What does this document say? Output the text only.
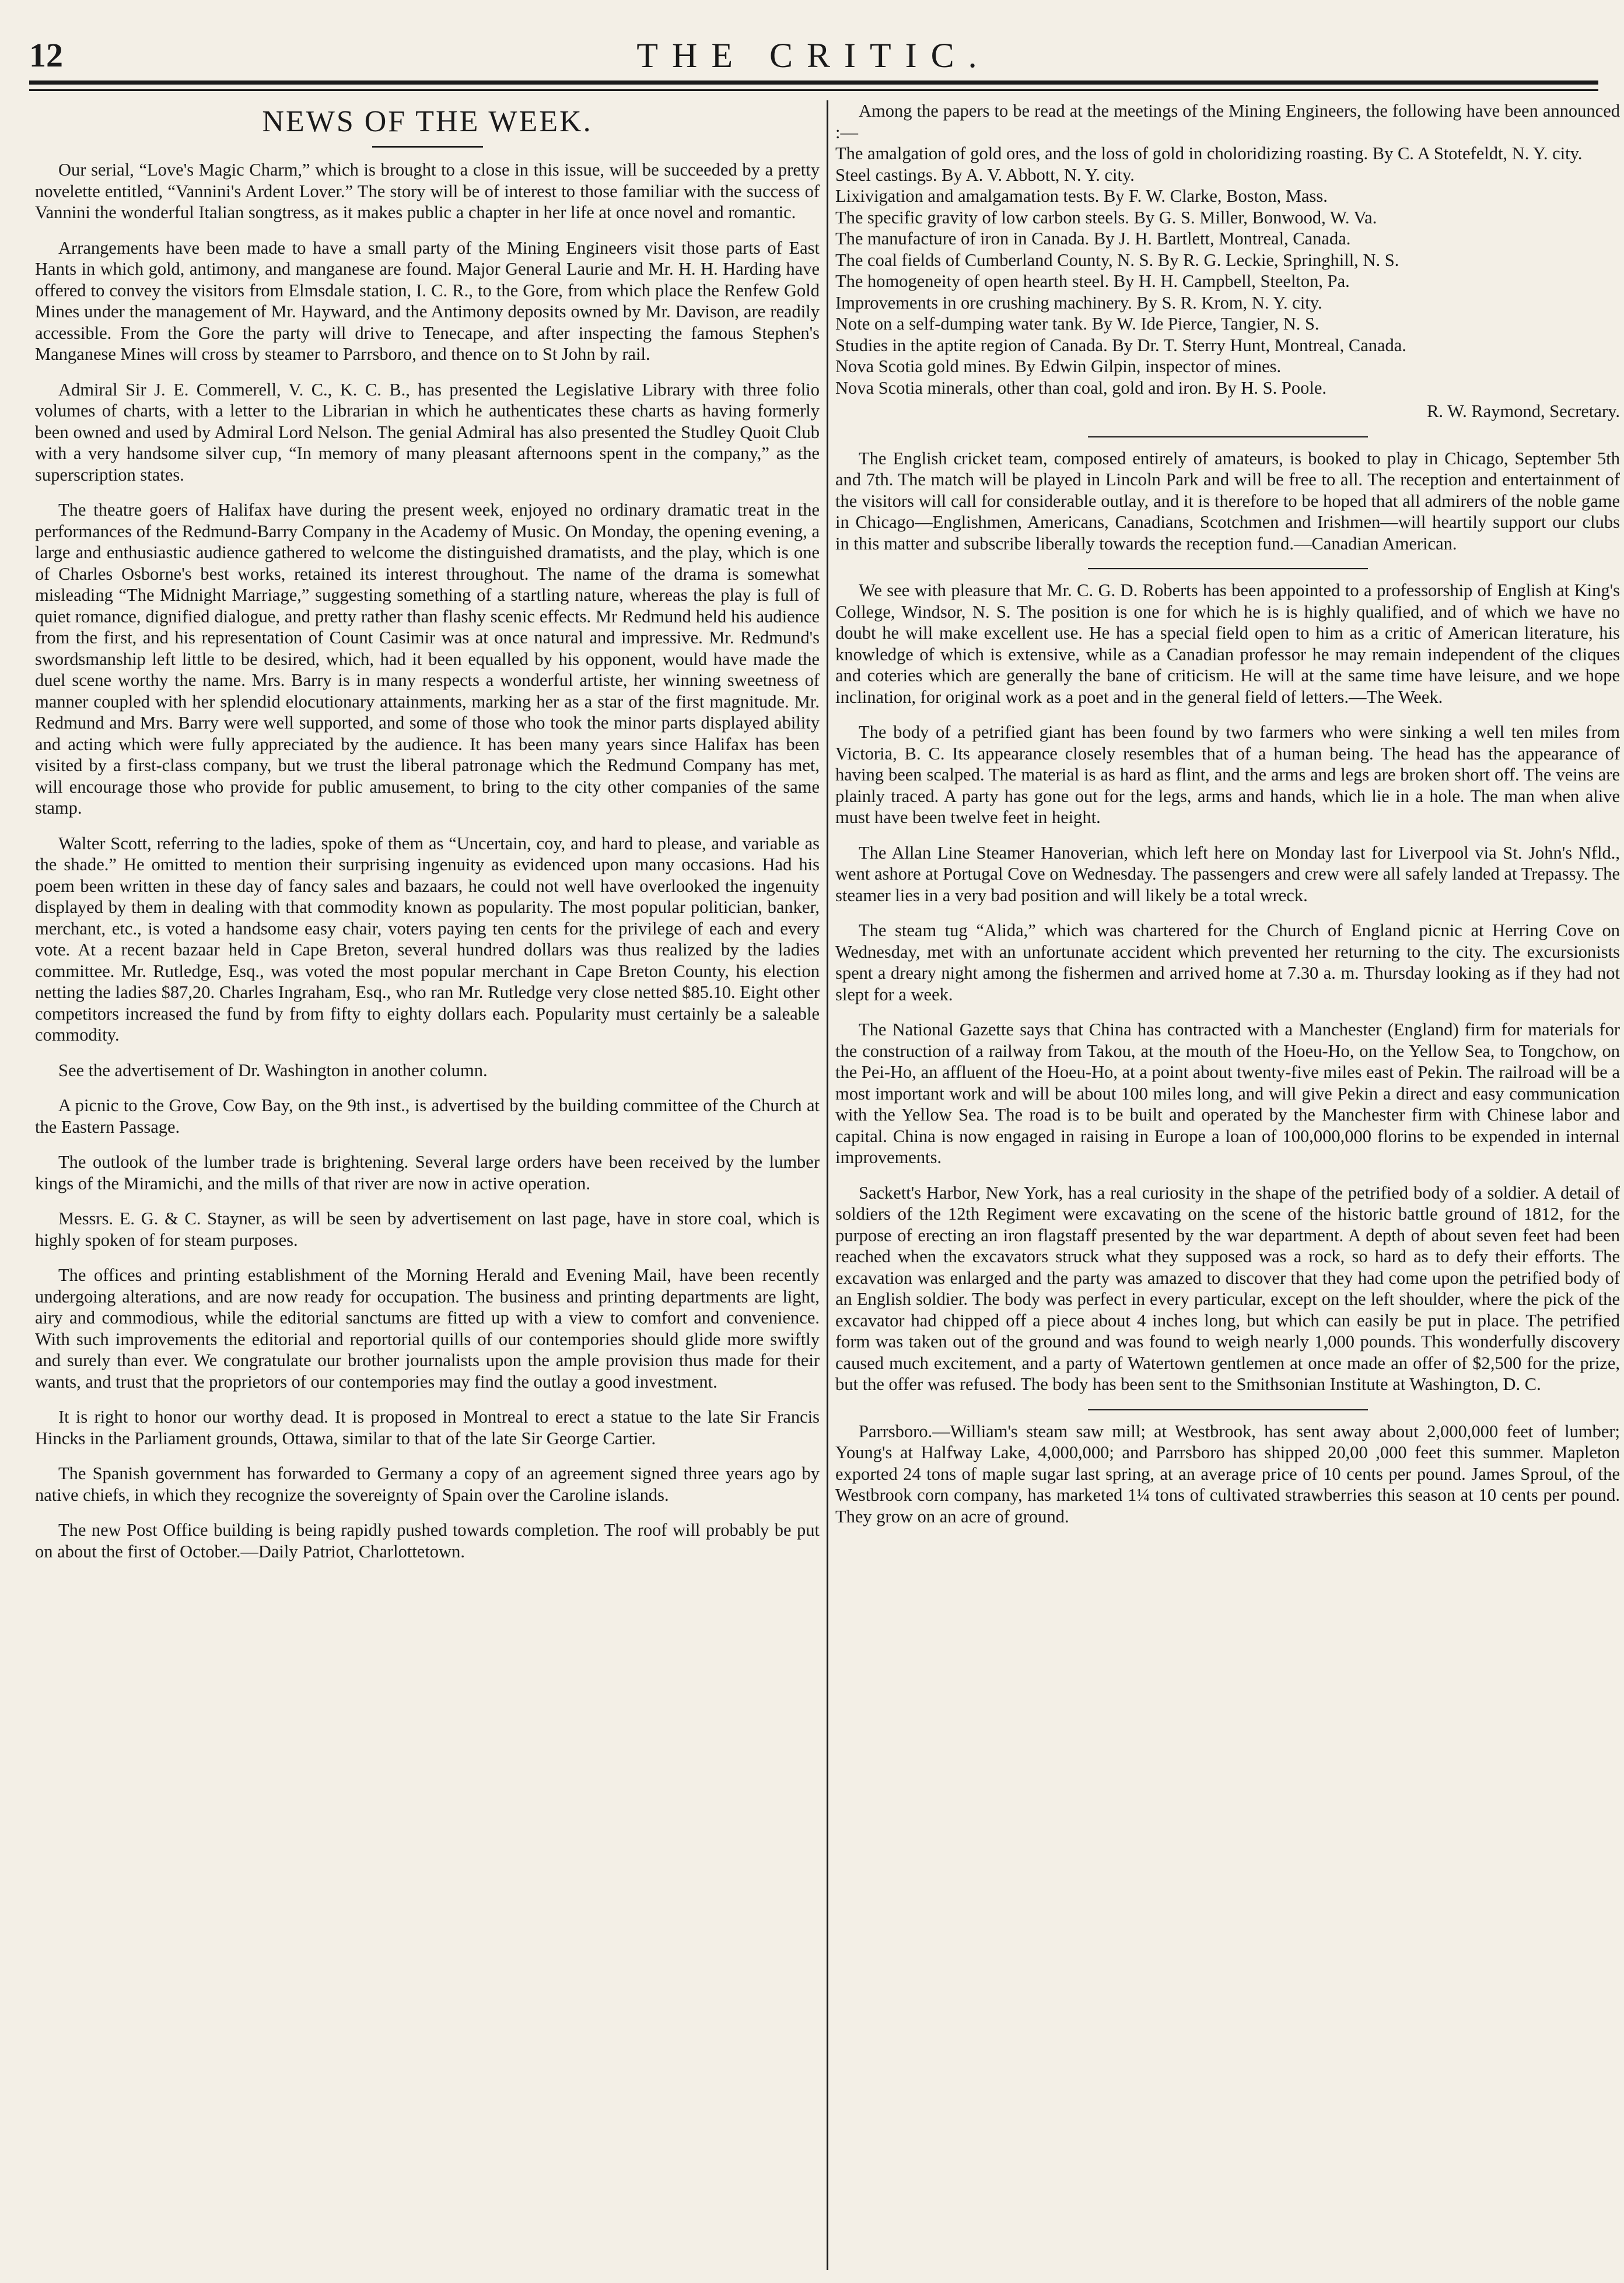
12	THE CRITIC.
NEWS OF THE WEEK.

Our serial, “Love's Magic Charm,” which is brought to a close in this issue, will be succeeded by a pretty novelette entitled, “Vannini's Ardent Lover.” The story will be of interest to those familiar with the success of Vannini the wonderful Italian songtress, as it makes public a chapter in her life at once novel and romantic.

Arrangements have been made to have a small party of the Mining Engineers visit those parts of East Hants in which gold, antimony, and manganese are found. Major General Laurie and Mr. H. H. Harding have offered to convey the visitors from Elmsdale station, I. C. R., to the Gore, from which place the Renfew Gold Mines under the management of Mr. Hayward, and the Antimony deposits owned by Mr. Davison, are readily accessible. From the Gore the party will drive to Tenecape, and after inspecting the famous Stephen's Manganese Mines will cross by steamer to Parrsboro, and thence on to St John by rail.

Admiral Sir J. E. Commerell, V. C., K. C. B., has presented the Legislative Library with three folio volumes of charts, with a letter to the Librarian in which he authenticates these charts as having formerly been owned and used by Admiral Lord Nelson. The genial Admiral has also presented the Studley Quoit Club with a very handsome silver cup, “In memory of many pleasant afternoons spent in the company,” as the superscription states.

The theatre goers of Halifax have during the present week, enjoyed no ordinary dramatic treat in the performances of the Redmund-Barry Company in the Academy of Music. On Monday, the opening evening, a large and enthusiastic audience gathered to welcome the distinguished dramatists, and the play, which is one of Charles Osborne's best works, retained its interest throughout. The name of the drama is somewhat misleading “The Midnight Marriage,” suggesting something of a startling nature, whereas the play is full of quiet romance, dignified dialogue, and pretty rather than flashy scenic effects. Mr Redmund held his audience from the first, and his representation of Count Casimir was at once natural and impressive. Mr. Redmund's swordsmanship left little to be desired, which, had it been equalled by his opponent, would have made the duel scene worthy the name. Mrs. Barry is in many respects a wonderful artiste, her winning sweetness of manner coupled with her splendid elocutionary attainments, marking her as a star of the first magnitude. Mr. Redmund and Mrs. Barry were well supported, and some of those who took the minor parts displayed ability and acting which were fully appreciated by the audience. It has been many years since Halifax has been visited by a first-class company, but we trust the liberal patronage which the Redmund Company has met, will encourage those who provide for public amusement, to bring to the city other companies of the same stamp.

Walter Scott, referring to the ladies, spoke of them as “Uncertain, coy, and hard to please, and variable as the shade.” He omitted to mention their surprising ingenuity as evidenced upon many occasions. Had his poem been written in these day of fancy sales and bazaars, he could not well have overlooked the ingenuity displayed by them in dealing with that commodity known as popularity. The most popular politician, banker, merchant, etc., is voted a handsome easy chair, voters paying ten cents for the privilege of each and every vote. At a recent bazaar held in Cape Breton, several hundred dollars was thus realized by the ladies committee. Mr. Rutledge, Esq., was voted the most popular merchant in Cape Breton County, his election netting the ladies $87,20. Charles Ingraham, Esq., who ran Mr. Rutledge very close netted $85.10. Eight other competitors increased the fund by from fifty to eighty dollars each. Popularity must certainly be a saleable commodity.

See the advertisement of Dr. Washington in another column.

A picnic to the Grove, Cow Bay, on the 9th inst., is advertised by the building committee of the Church at the Eastern Passage.

The outlook of the lumber trade is brightening. Several large orders have been received by the lumber kings of the Miramichi, and the mills of that river are now in active operation.

Messrs. E. G. & C. Stayner, as will be seen by advertisement on last page, have in store coal, which is highly spoken of for steam purposes.

The offices and printing establishment of the Morning Herald and Evening Mail, have been recently undergoing alterations, and are now ready for occupation. The business and printing departments are light, airy and commodious, while the editorial sanctums are fitted up with a view to comfort and convenience. With such improvements the editorial and reportorial quills of our contempories should glide more swiftly and surely than ever. We congratulate our brother journalists upon the ample provision thus made for their wants, and trust that the proprietors of our contempories may find the outlay a good investment.

It is right to honor our worthy dead. It is proposed in Montreal to erect a statue to the late Sir Francis Hincks in the Parliament grounds, Ottawa, similar to that of the late Sir George Cartier.

The Spanish government has forwarded to Germany a copy of an agreement signed three years ago by native chiefs, in which they recognize the sovereignty of Spain over the Caroline islands.

The new Post Office building is being rapidly pushed towards completion. The roof will probably be put on about the first of October.—Daily Patriot, Charlottetown.

Among the papers to be read at the meetings of the Mining Engineers, the following have been announced :—

The amalgation of gold ores, and the loss of gold in choloridizing roasting. By C. A Stotefeldt, N. Y. city.

Steel castings. By A. V. Abbott, N. Y. city.

Lixivigation and amalgamation tests. By F. W. Clarke, Boston, Mass.

The specific gravity of low carbon steels. By G. S. Miller, Bonwood, W. Va.

The manufacture of iron in Canada. By J. H. Bartlett, Montreal, Canada.

The coal fields of Cumberland County, N. S. By R. G. Leckie, Springhill, N. S.

The homogeneity of open hearth steel. By H. H. Campbell, Steelton, Pa.

Improvements in ore crushing machinery. By S. R. Krom, N. Y. city.

Note on a self-dumping water tank. By W. Ide Pierce, Tangier, N. S.

Studies in the aptite region of Canada. By Dr. T. Sterry Hunt, Montreal, Canada.

Nova Scotia gold mines. By Edwin Gilpin, inspector of mines.

Nova Scotia minerals, other than coal, gold and iron. By H. S. Poole.

R. W. Raymond, Secretary.

The English cricket team, composed entirely of amateurs, is booked to play in Chicago, September 5th and 7th. The match will be played in Lincoln Park and will be free to all. The reception and entertainment of the visitors will call for considerable outlay, and it is therefore to be hoped that all admirers of the noble game in Chicago—Englishmen, Americans, Canadians, Scotchmen and Irishmen—will heartily support our clubs in this matter and subscribe liberally towards the reception fund.—Canadian American.

We see with pleasure that Mr. C. G. D. Roberts has been appointed to a professorship of English at King's College, Windsor, N. S. The position is one for which he is is highly qualified, and of which we have no doubt he will make excellent use. He has a special field open to him as a critic of American literature, his knowledge of which is extensive, while as a Canadian professor he may remain independent of the cliques and coteries which are generally the bane of criticism. He will at the same time have leisure, and we hope inclination, for original work as a poet and in the general field of letters.—The Week.

The body of a petrified giant has been found by two farmers who were sinking a well ten miles from Victoria, B. C. Its appearance closely resembles that of a human being. The head has the appearance of having been scalped. The material is as hard as flint, and the arms and legs are broken short off. The veins are plainly traced. A party has gone out for the legs, arms and hands, which lie in a hole. The man when alive must have been twelve feet in height.

The Allan Line Steamer Hanoverian, which left here on Monday last for Liverpool via St. John's Nfld., went ashore at Portugal Cove on Wednesday. The passengers and crew were all safely landed at Trepassy. The steamer lies in a very bad position and will likely be a total wreck.

The steam tug “Alida,” which was chartered for the Church of England picnic at Herring Cove on Wednesday, met with an unfortunate accident which prevented her returning to the city. The excursionists spent a dreary night among the fishermen and arrived home at 7.30 a. m. Thursday looking as if they had not slept for a week.

The National Gazette says that China has contracted with a Manchester (England) firm for materials for the construction of a railway from Takou, at the mouth of the Hoeu-Ho, on the Yellow Sea, to Tongchow, on the Pei-Ho, an affluent of the Hoeu-Ho, at a point about twenty-five miles east of Pekin. The railroad will be a most important work and will be about 100 miles long, and will give Pekin a direct and easy communication with the Yellow Sea. The road is to be built and operated by the Manchester firm with Chinese labor and capital. China is now engaged in raising in Europe a loan of 100,000,000 florins to be expended in internal improvements.

Sackett's Harbor, New York, has a real curiosity in the shape of the petrified body of a soldier. A detail of soldiers of the 12th Regiment were excavating on the scene of the historic battle ground of 1812, for the purpose of erecting an iron flagstaff presented by the war department. A depth of about seven feet had been reached when the excavators struck what they supposed was a rock, so hard as to defy their efforts. The excavation was enlarged and the party was amazed to discover that they had come upon the petrified body of an English soldier. The body was perfect in every particular, except on the left shoulder, where the pick of the excavator had chipped off a piece about 4 inches long, but which can easily be put in place. The petrified form was taken out of the ground and was found to weigh nearly 1,000 pounds. This wonderfully discovery caused much excitement, and a party of Watertown gentlemen at once made an offer of $2,500 for the prize, but the offer was refused. The body has been sent to the Smithsonian Institute at Washington, D. C.

Parrsboro.—William's steam saw mill; at Westbrook, has sent away about 2,000,000 feet of lumber; Young's at Halfway Lake, 4,000,000; and Parrsboro has shipped 20,00 ,000 feet this summer. Mapleton exported 24 tons of maple sugar last spring, at an average price of 10 cents per pound. James Sproul, of the Westbrook corn company, has marketed 1¼ tons of cultivated strawberries this season at 10 cents per pound. They grow on an acre of ground.
